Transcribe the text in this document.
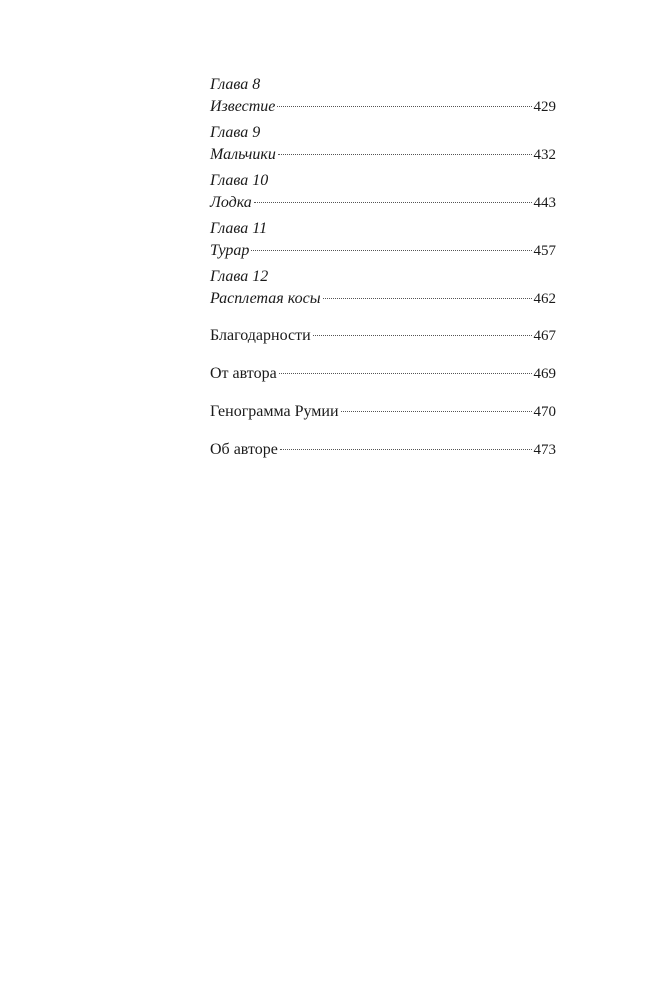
Глава 8
Известие	429
Глава 9
Мальчики	432
Глава 10
Лодка	443
Глава 11
Турар	457
Глава 12
Расплетая косы	462
Благодарности	467
От автора	469
Генограмма Румии	470
Об авторе	473
